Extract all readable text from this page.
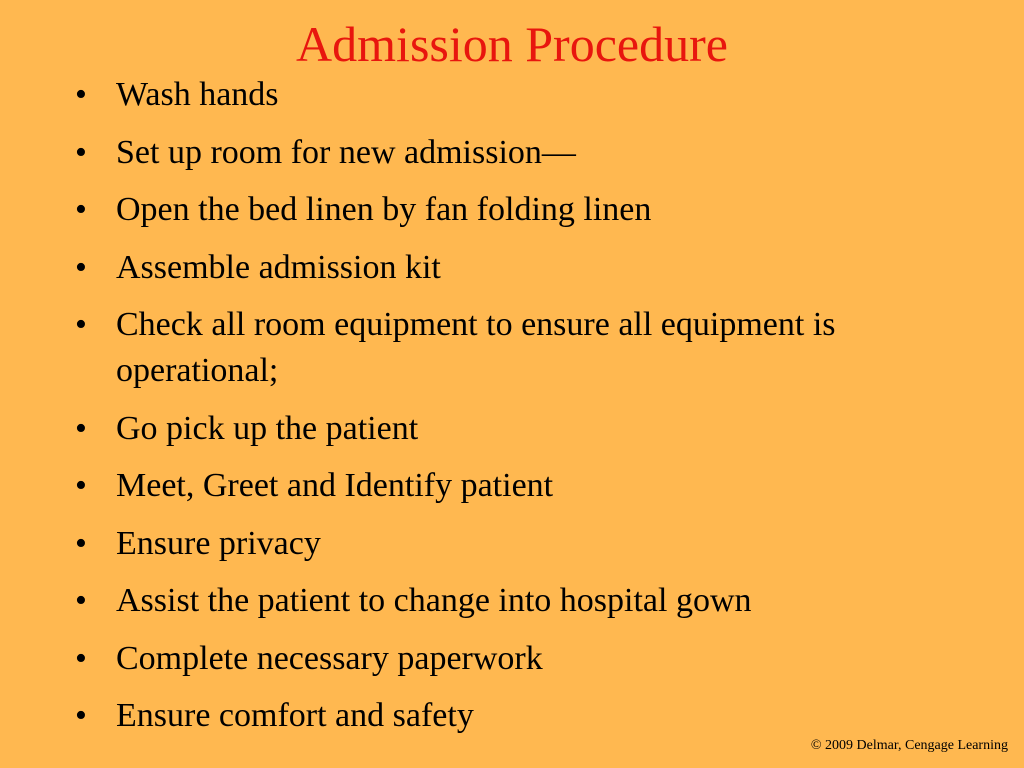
Admission Procedure
• Wash hands
• Set up room for new admission—
• Open the bed linen by fan folding linen
• Assemble admission kit
• Check all room equipment to ensure all equipment is operational;
• Go pick up the patient
• Meet, Greet and Identify patient
• Ensure privacy
• Assist the patient to change into hospital gown
• Complete necessary paperwork
• Ensure comfort and safety
© 2009 Delmar, Cengage Learning
